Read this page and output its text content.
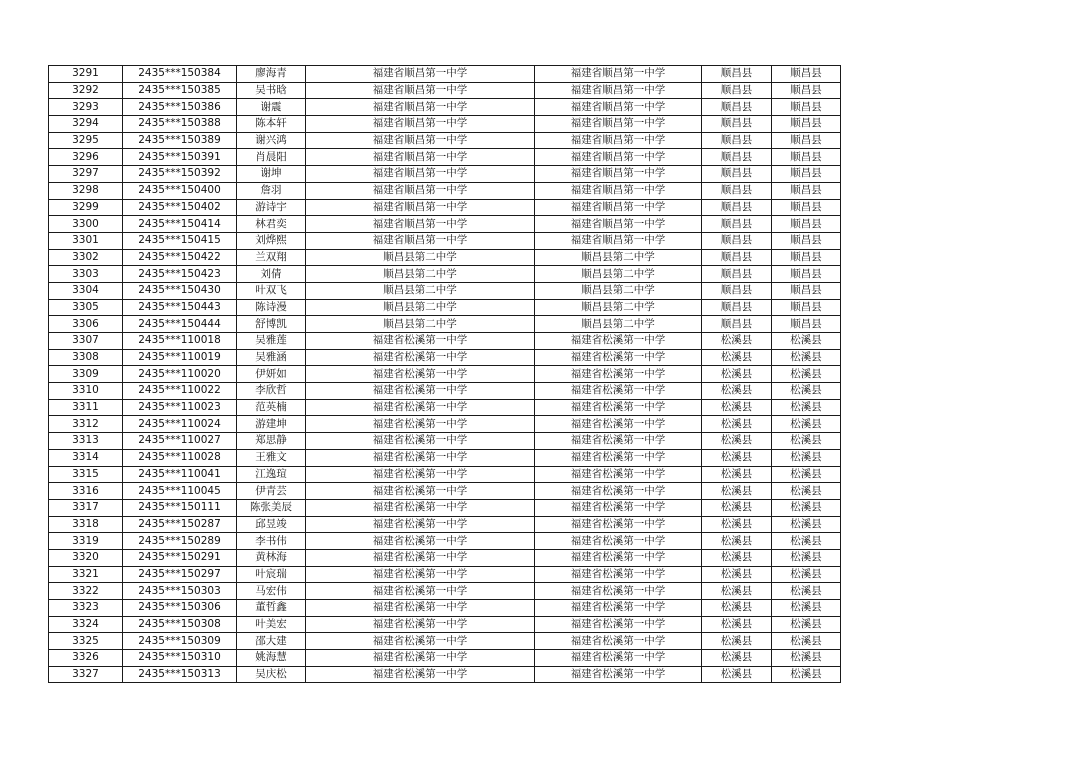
3291	2435***150384	廖海青	福建省顺昌第一中学	福建省顺昌第一中学	顺昌县	顺昌县
3292	2435***150385	吴书晗	福建省顺昌第一中学	福建省顺昌第一中学	顺昌县	顺昌县
3293	2435***150386	谢震	福建省顺昌第一中学	福建省顺昌第一中学	顺昌县	顺昌县
3294	2435***150388	陈本轩	福建省顺昌第一中学	福建省顺昌第一中学	顺昌县	顺昌县
3295	2435***150389	谢兴鸿	福建省顺昌第一中学	福建省顺昌第一中学	顺昌县	顺昌县
3296	2435***150391	肖晨阳	福建省顺昌第一中学	福建省顺昌第一中学	顺昌县	顺昌县
3297	2435***150392	谢坤	福建省顺昌第一中学	福建省顺昌第一中学	顺昌县	顺昌县
3298	2435***150400	詹羽	福建省顺昌第一中学	福建省顺昌第一中学	顺昌县	顺昌县
3299	2435***150402	游诗宇	福建省顺昌第一中学	福建省顺昌第一中学	顺昌县	顺昌县
3300	2435***150414	林君奕	福建省顺昌第一中学	福建省顺昌第一中学	顺昌县	顺昌县
3301	2435***150415	刘烨熙	福建省顺昌第一中学	福建省顺昌第一中学	顺昌县	顺昌县
3302	2435***150422	兰双翔	顺昌县第二中学	顺昌县第二中学	顺昌县	顺昌县
3303	2435***150423	刘倩	顺昌县第二中学	顺昌县第二中学	顺昌县	顺昌县
3304	2435***150430	叶双飞	顺昌县第二中学	顺昌县第二中学	顺昌县	顺昌县
3305	2435***150443	陈诗漫	顺昌县第二中学	顺昌县第二中学	顺昌县	顺昌县
3306	2435***150444	舒博凯	顺昌县第二中学	顺昌县第二中学	顺昌县	顺昌县
3307	2435***110018	吴雅莲	福建省松溪第一中学	福建省松溪第一中学	松溪县	松溪县
3308	2435***110019	吴雅涵	福建省松溪第一中学	福建省松溪第一中学	松溪县	松溪县
3309	2435***110020	伊妍如	福建省松溪第一中学	福建省松溪第一中学	松溪县	松溪县
3310	2435***110022	李欣哲	福建省松溪第一中学	福建省松溪第一中学	松溪县	松溪县
3311	2435***110023	范英楠	福建省松溪第一中学	福建省松溪第一中学	松溪县	松溪县
3312	2435***110024	游建坤	福建省松溪第一中学	福建省松溪第一中学	松溪县	松溪县
3313	2435***110027	郑思静	福建省松溪第一中学	福建省松溪第一中学	松溪县	松溪县
3314	2435***110028	王雅文	福建省松溪第一中学	福建省松溪第一中学	松溪县	松溪县
3315	2435***110041	江逸瑄	福建省松溪第一中学	福建省松溪第一中学	松溪县	松溪县
3316	2435***110045	伊青芸	福建省松溪第一中学	福建省松溪第一中学	松溪县	松溪县
3317	2435***150111	陈张美辰	福建省松溪第一中学	福建省松溪第一中学	松溪县	松溪县
3318	2435***150287	邱昱竣	福建省松溪第一中学	福建省松溪第一中学	松溪县	松溪县
3319	2435***150289	李书伟	福建省松溪第一中学	福建省松溪第一中学	松溪县	松溪县
3320	2435***150291	黄林海	福建省松溪第一中学	福建省松溪第一中学	松溪县	松溪县
3321	2435***150297	叶宸瑞	福建省松溪第一中学	福建省松溪第一中学	松溪县	松溪县
3322	2435***150303	马宏伟	福建省松溪第一中学	福建省松溪第一中学	松溪县	松溪县
3323	2435***150306	董哲鑫	福建省松溪第一中学	福建省松溪第一中学	松溪县	松溪县
3324	2435***150308	叶美宏	福建省松溪第一中学	福建省松溪第一中学	松溪县	松溪县
3325	2435***150309	邵大建	福建省松溪第一中学	福建省松溪第一中学	松溪县	松溪县
3326	2435***150310	姚海慧	福建省松溪第一中学	福建省松溪第一中学	松溪县	松溪县
3327	2435***150313	吴庆松	福建省松溪第一中学	福建省松溪第一中学	松溪县	松溪县
